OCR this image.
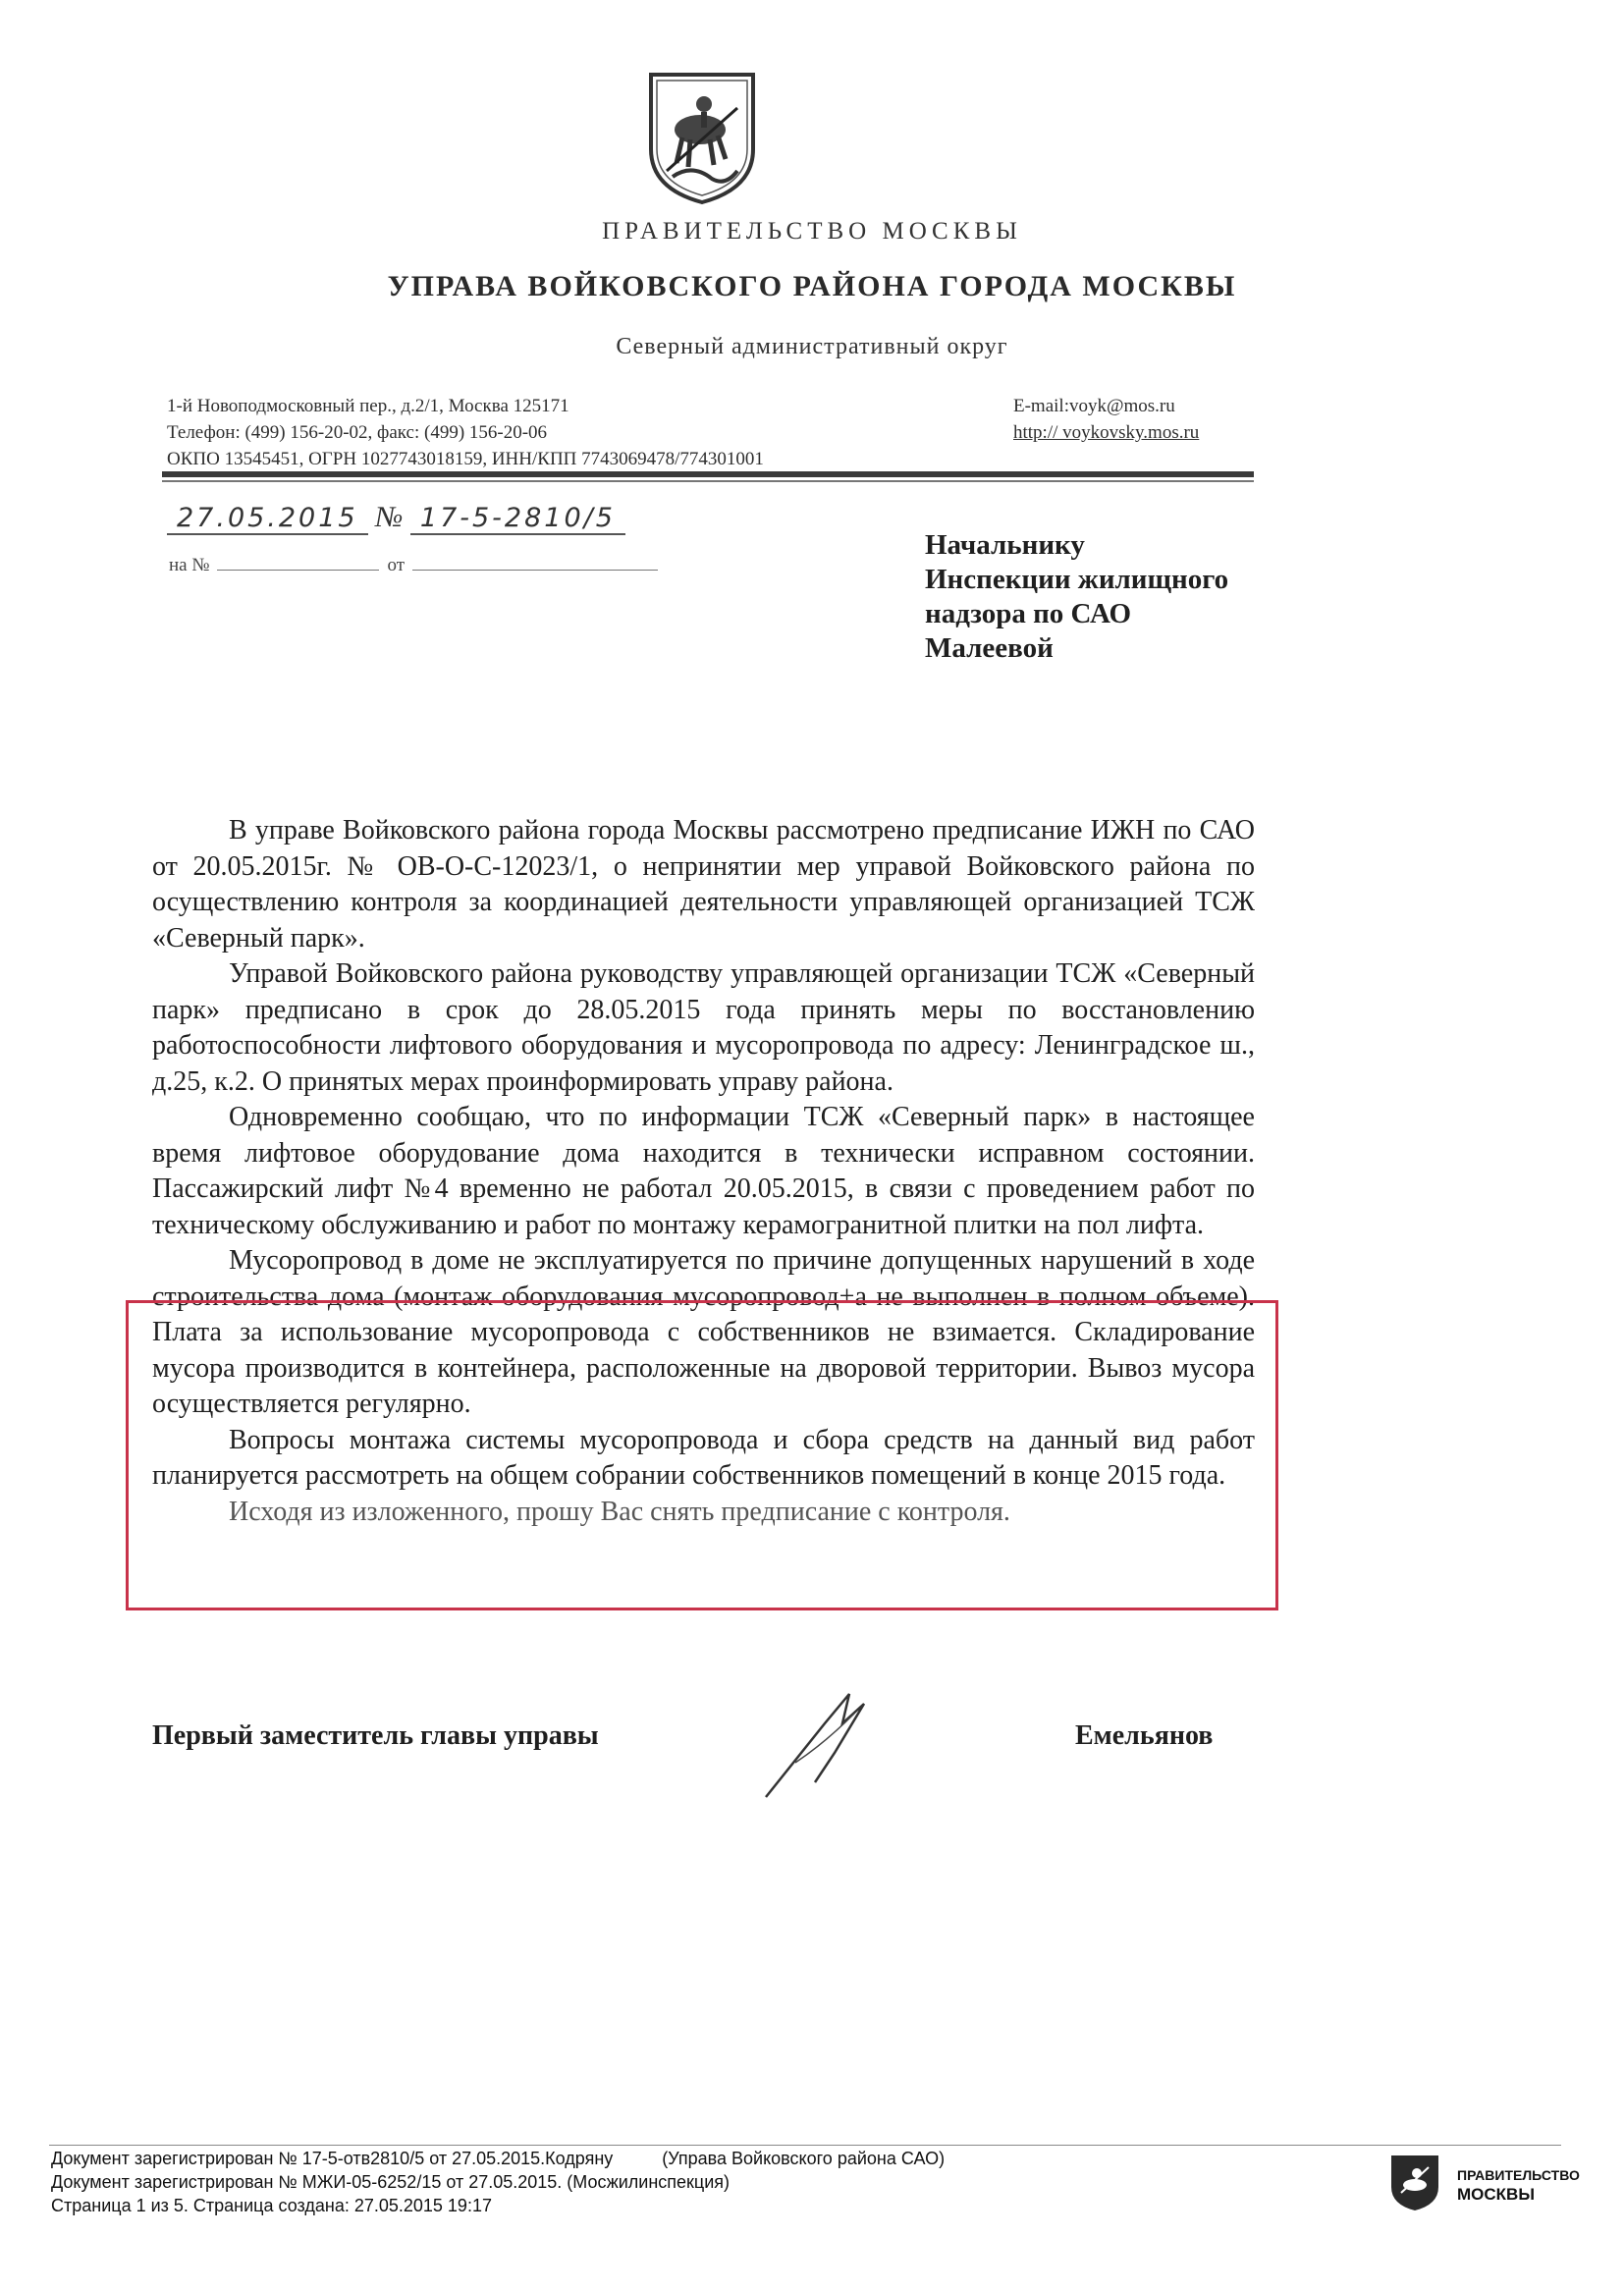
ПРАВИТЕЛЬСТВО МОСКВЫ
УПРАВА ВОЙКОВСКОГО РАЙОНА ГОРОДА МОСКВЫ
Северный административный округ
1-й Новоподмосковный пер., д.2/1, Москва 125171
Телефон: (499) 156-20-02, факс: (499) 156-20-06
ОКПО 13545451, ОГРН 1027743018159, ИНН/КПП 7743069478/774301001
E-mail:voyk@mos.ru
http:// voykovsky.mos.ru
27.05.2015 № 17-5-2810/5
на №	от
Начальнику
Инспекции жилищного
надзора по САО
Малеевой

В управе Войковского района города Москвы рассмотрено предписание ИЖН по САО от 20.05.2015г. № ОВ-О-С-12023/1, о непринятии мер управой Войковского района по осуществлению контроля за координацией деятельности управляющей организацией ТСЖ «Северный парк».

Управой Войковского района руководству управляющей организации ТСЖ «Северный парк» предписано в срок до 28.05.2015 года принять меры по восстановлению работоспособности лифтового оборудования и мусоропровода по адресу: Ленинградское ш., д.25, к.2. О принятых мерах проинформировать управу района.

Одновременно сообщаю, что по информации ТСЖ «Северный парк» в настоящее время лифтовое оборудование дома находится в технически исправном состоянии. Пассажирский лифт №4 временно не работал 20.05.2015, в связи с проведением работ по техническому обслуживанию и работ по монтажу керамогранитной плитки на пол лифта.

Мусоропровод в доме не эксплуатируется по причине допущенных нарушений в ходе строительства дома (монтаж оборудования мусоропровод+а не выполнен в полном объеме). Плата за использование мусоропровода с собственников не взимается. Складирование мусора производится в контейнера, расположенные на дворовой территории. Вывоз мусора осуществляется регулярно.

Вопросы монтажа системы мусоропровода и сбора средств на данный вид работ планируется рассмотреть на общем собрании собственников помещений в конце 2015 года.

Исходя из изложенного, прошу Вас снять предписание с контроля.

Первый заместитель главы управы	Емельянов
Документ зарегистрирован № 17-5-отв2810/5 от 27.05.2015.Кодряну          (Управа Войковского района САО)
Документ зарегистрирован № МЖИ-05-6252/15 от 27.05.2015. (Мосжилинспекция)
Страница 1 из 5. Страница создана: 27.05.2015 19:17
ПРАВИТЕЛЬСТВО
МОСКВЫ
